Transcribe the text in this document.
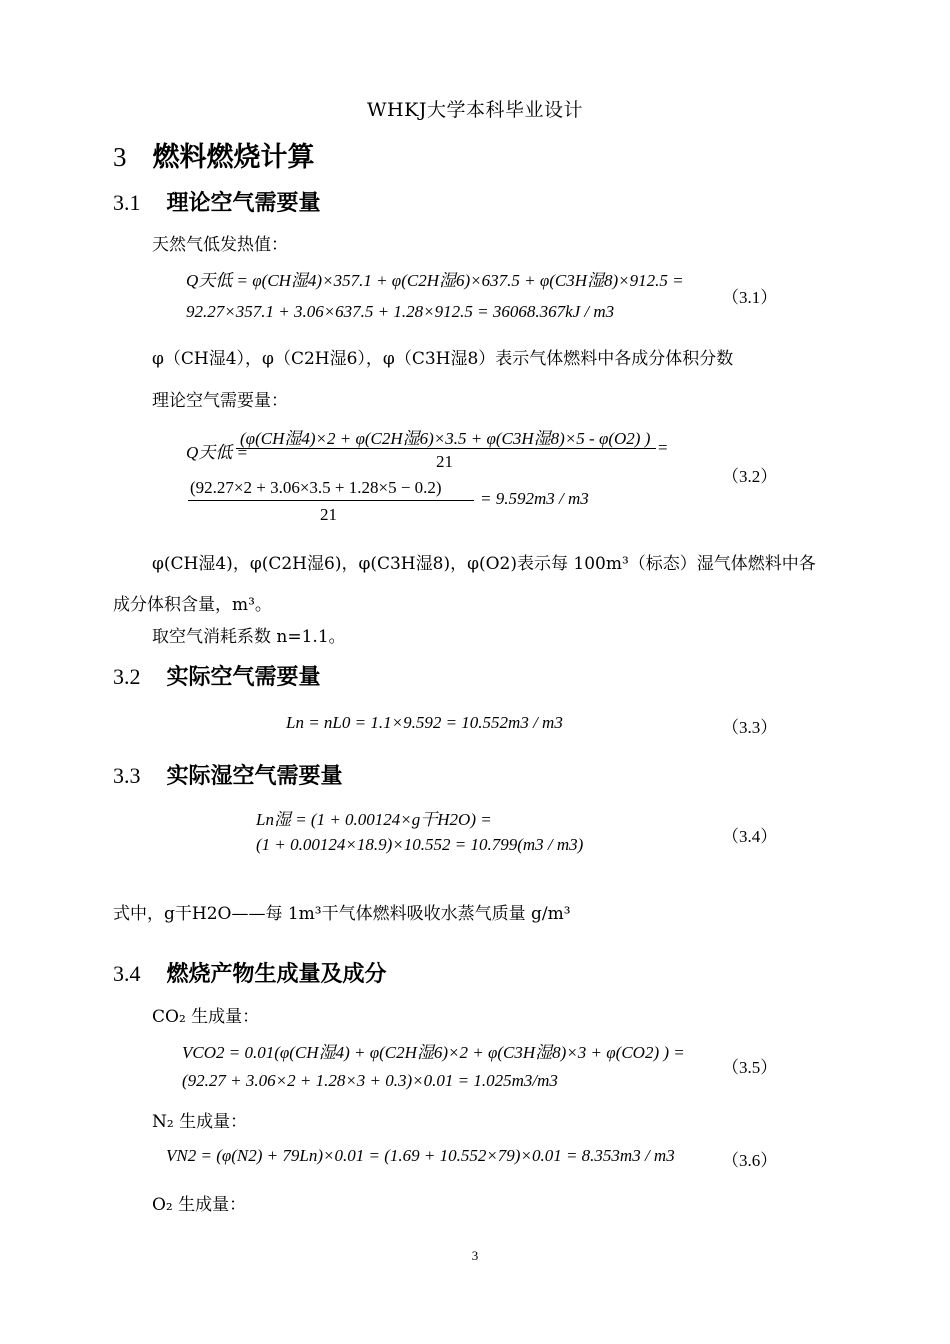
WHKJ大学本科毕业设计
3 燃料燃烧计算
3.1 理论空气需要量
天然气低发热值：
Q天低 = φ(CH湿4)×357.1 + φ(C2H湿6)×637.5 + φ(C3H湿8)×912.5 =
92.27×357.1 + 3.06×637.5 + 1.28×912.5 = 36068.367kJ / m3
（3.1）
φ（CH湿4），φ（C2H湿6），φ（C3H湿8）表示气体燃料中各成分体积分数
理论空气需要量：
Q天低 =
(φ(CH湿4)×2 + φ(C2H湿6)×3.5 + φ(C3H湿8)×5 - φ(O2) )
21
=
(92.27×2 + 3.06×3.5 + 1.28×5 − 0.2)
21
= 9.592m3 / m3
（3.2）
φ(CH湿4)，φ(C2H湿6)，φ(C3H湿8)，φ(O2)表示每 100m³（标态）湿气体燃料中各
成分体积含量，m³。
取空气消耗系数 n=1.1。
3.2 实际空气需要量
Ln = nL0 = 1.1×9.592 = 10.552m3 / m3	（3.3）
3.3 实际湿空气需要量
Ln湿 = (1 + 0.00124×g干H2O) =
(1 + 0.00124×18.9)×10.552 = 10.799(m3 / m3)	（3.4）
式中，g干H2O——每 1m³干气体燃料吸收水蒸气质量 g/m³
3.4 燃烧产物生成量及成分
CO₂ 生成量：
VCO2 = 0.01(φ(CH湿4) + φ(C2H湿6)×2 + φ(C3H湿8)×3 + φ(CO2) ) =
(92.27 + 3.06×2 + 1.28×3 + 0.3)×0.01 = 1.025m3/m3
（3.5）
N₂ 生成量：
VN2 = (φ(N2) + 79Ln)×0.01 = (1.69 + 10.552×79)×0.01 = 8.353m3 / m3	（3.6）
O₂ 生成量：
3
